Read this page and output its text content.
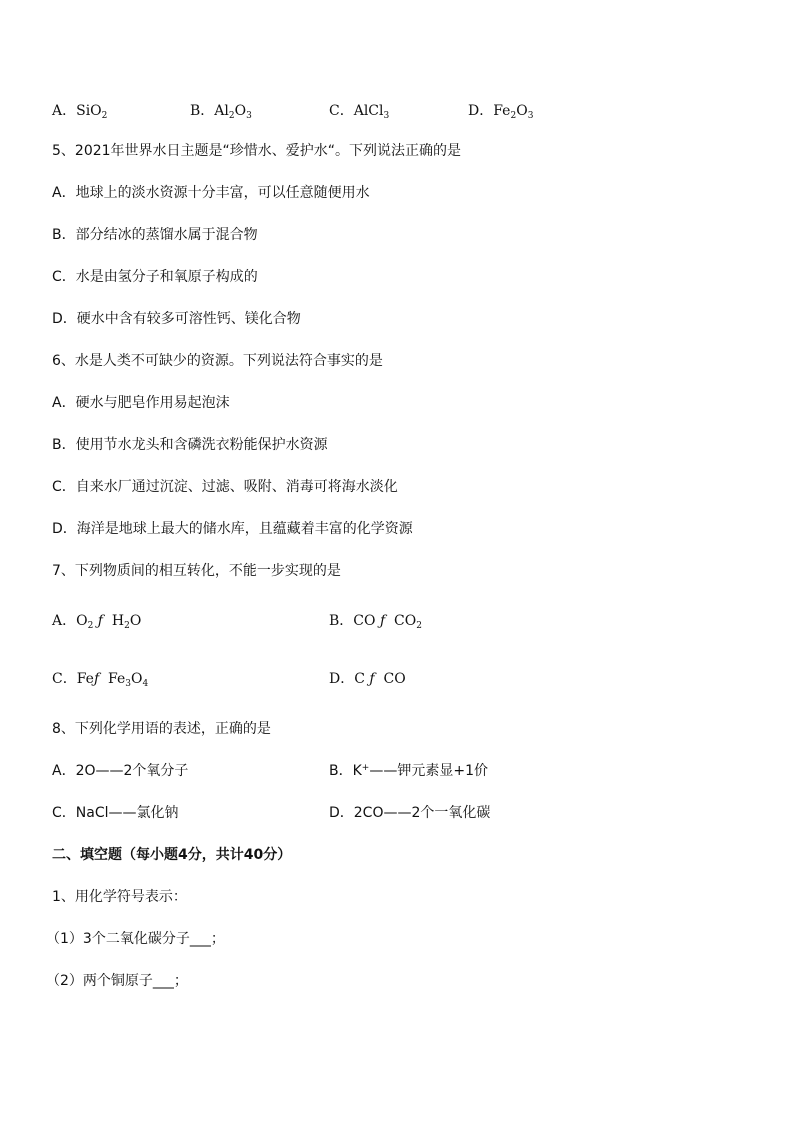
A．SiO$_2$	B．$Al_2O_3$	C．AlCl$_3$	D．$Fe_2O_3$
5、2021年世界水日主题是“珍惜水、爱护水“。下列说法正确的是
A．地球上的淡水资源十分丰富，可以任意随便用水
B．部分结冰的蒸馏水属于混合物
C．水是由氢分子和氧原子构成的
D．硬水中含有较多可溶性钙、镁化合物
6、水是人类不可缺少的资源。下列说法符合事实的是
A．硬水与肥皂作用易起泡沫
B．使用节水龙头和含磷洗衣粉能保护水资源
C．自来水厂通过沉淀、过滤、吸附、消毒可将海水淡化
D．海洋是地球上最大的储水库，且蕴藏着丰富的化学资源
7、下列物质间的相互转化，不能一步实现的是
A．$O_2$ ƒ $H_2O$	B．CO ƒ $CO_2$
C．Feƒ $Fe_3O_4$	D．C ƒ CO
8、下列化学用语的表述，正确的是
A．2O——2个氧分子	B．K+——钾元素显+1价
C．NaCl——氯化钠	D．2CO——2个一氧化碳
二、填空题（每小题4分，共计40分）
1、用化学符号表示：
（1）3个二氧化碳分子___；
（2）两个铜原子___；
